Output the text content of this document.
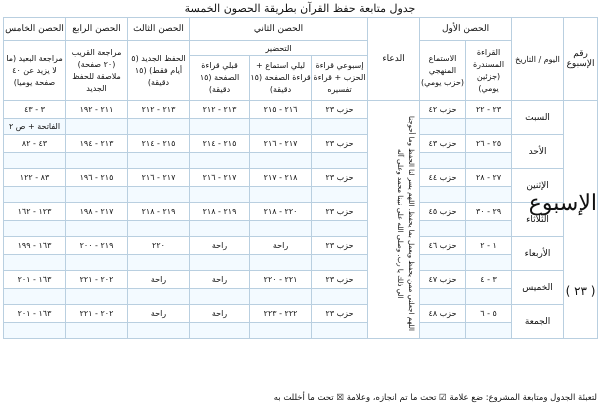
جدول متابعة حفظ القرآن بطريقة الحصون الخمسة
رقم الإسبوع	اليوم / التاريخ	الحصن الأول		الدعاء	الحصن الثاني			الحصن الثالث	الحصن الرابع	الحصن الخامس
		القراءة المسندرة (جزئين يومي)	الاستماع المنهجي (حزب يومي)		التحضير			الحفظ الجديد (٥ أيام فقط) (١٥ دقيقة)	مراجعة القريب (٢٠ صفحة) ملاصقة للحفظ الجديد	مراجعة البعيد (ما لا يزيد عن ٤٠ صفحة يوميا)
					إسبوعي قراءة الحزب + قراءة تفسيره	ليلي استماع + قراءة الصفحة (١٥ دقيقة)	قبلي قراءة الصفحة (١٥ دقيقة)			

الإسبوع
( ٢٣ )	السبت	٢٣ - ٢٢	حزب ٤٢	اللهم اجعلني ممن يحفظ ويعمل بما يحفظ. اللهم يسر لنا الحفظ وما أحوجنا الي ذلك يا رب. وصلى الله على نبينا محمد وعلى آله	حزب ٢٣	٢١٦ - ٢١٥	٢١٣ - ٢١٢	٢١٣ - ٢١٢	٢١١ - ١٩٢	٣ - ٤٣
										الفاتحة + ص ٢
	الأحد	٢٥ - ٢٦	حزب ٤٣		حزب ٢٣	٢١٧ - ٢١٦	٢١٥ - ٢١٤	٢١٥ - ٢١٤	٢١٣ - ١٩٤	٤٣ - ٨٢

	الإثنين	٢٧ - ٢٨	حزب ٤٤		حزب ٢٣	٢١٨ - ٢١٧	٢١٧ - ٢١٦	٢١٧ - ٢١٦	٢١٥ - ١٩٦	٨٣ - ١٢٢

	الثلاثاء	٢٩ - ٣٠	حزب ٤٥		حزب ٢٣	٢٢٠ - ٢١٨	٢١٩ - ٢١٨	٢١٩ - ٢١٨	٢١٧ - ١٩٨	١٢٣ - ١٦٢

	الأربعاء	١ - ٢	حزب ٤٦		حزب ٢٣	راحة	راحة	٢٢٠	٢١٩ - ٢٠٠	١٦٣ - ١٩٩

	الخميس	٣ - ٤	حزب ٤٧		حزب ٢٣	٢٢١ - ٢٢٠	راحة	راحة	٢٠٢ - ٢٢١	١٦٣ - ٢٠١

	الجمعة	٥ - ٦	حزب ٤٨		حزب ٢٣	٢٢٢ - ٢٢٣	راحة	راحة	٢٠٢ - ٢٢١	١٦٣ - ٢٠١

لتعبئة الجدول ومتابعة المشروع: ضع علامة ☑ تحت ما تم انجازه، وعلامة ☒ تحت ما أخللت به
